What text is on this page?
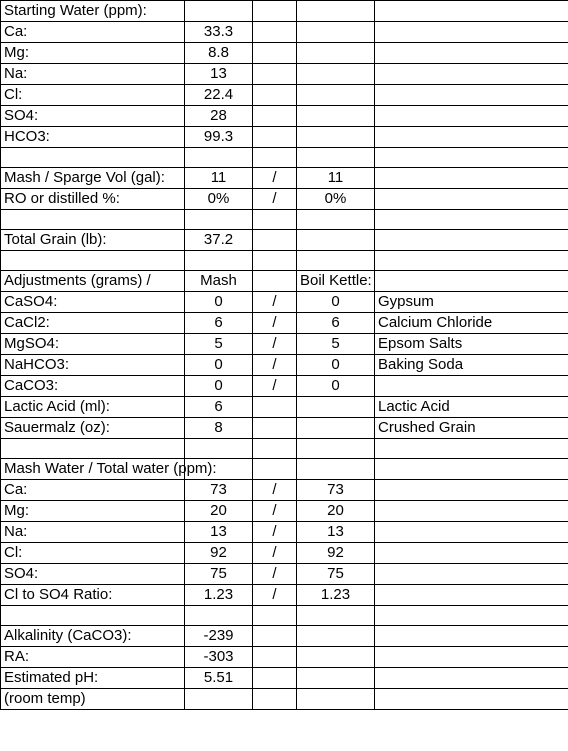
Starting Water (ppm):				
Ca:	33.3			
Mg:	8.8			
Na:	13			
Cl:	22.4			
SO4:	28			
HCO3:	99.3			

Mash / Sparge Vol (gal):	11	/	11	
RO or distilled %:	0%	/	0%	

Total Grain (lb):	37.2			

Adjustments (grams) /	Mash		Boil Kettle:	
CaSO4:	0	/	0	Gypsum
CaCl2:	6	/	6	Calcium Chloride
MgSO4:	5	/	5	Epsom Salts
NaHCO3:	0	/	0	Baking Soda
CaCO3:	0	/	0	
Lactic Acid (ml):	6			Lactic Acid
Sauermalz (oz):	8			Crushed Grain

Mash Water / Total water (ppm):				
Ca:	73	/	73	
Mg:	20	/	20	
Na:	13	/	13	
Cl:	92	/	92	
SO4:	75	/	75	
Cl to SO4 Ratio:	1.23	/	1.23	

Alkalinity (CaCO3):	-239			
RA:	-303			
Estimated pH:	5.51			
(room temp)				
